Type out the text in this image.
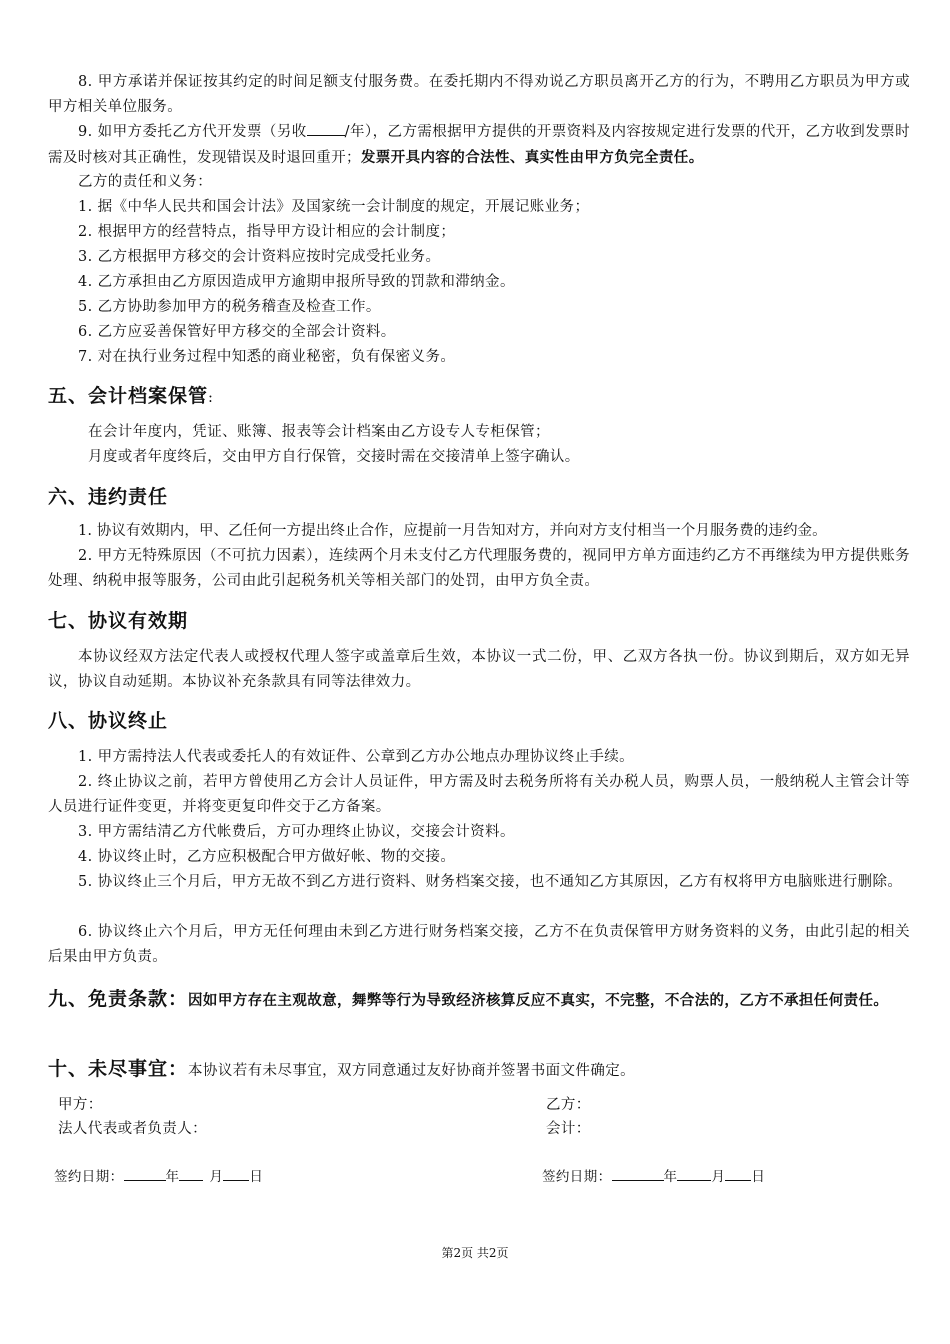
8. 甲方承诺并保证按其约定的时间足额支付服务费。在委托期内不得劝说乙方职员离开乙方的行为，不聘用乙方职员为甲方或甲方相关单位服务。
9. 如甲方委托乙方代开发票（另收	/年），乙方需根据甲方提供的开票资料及内容按规定进行发票的代开，乙方收到发票时需及时核对其正确性，发现错误及时退回重开；发票开具内容的合法性、真实性由甲方负完全责任。
乙方的责任和义务：
1. 据《中华人民共和国会计法》及国家统一会计制度的规定，开展记账业务；
2. 根据甲方的经营特点，指导甲方设计相应的会计制度；
3. 乙方根据甲方移交的会计资料应按时完成受托业务。
4. 乙方承担由乙方原因造成甲方逾期申报所导致的罚款和滞纳金。
5. 乙方协助参加甲方的税务稽查及检查工作。
6. 乙方应妥善保管好甲方移交的全部会计资料。
7. 对在执行业务过程中知悉的商业秘密，负有保密义务。
五、会计档案保管:
在会计年度内，凭证、账簿、报表等会计档案由乙方设专人专柜保管；
月度或者年度终后，交由甲方自行保管，交接时需在交接清单上签字确认。
六、违约责任
1. 协议有效期内，甲、乙任何一方提出终止合作，应提前一月告知对方，并向对方支付相当一个月服务费的违约金。
2. 甲方无特殊原因（不可抗力因素），连续两个月未支付乙方代理服务费的，视同甲方单方面违约乙方不再继续为甲方提供账务处理、纳税申报等服务，公司由此引起税务机关等相关部门的处罚，由甲方负全责。
七、协议有效期
本协议经双方法定代表人或授权代理人签字或盖章后生效，本协议一式二份，甲、乙双方各执一份。协议到期后，双方如无异议，协议自动延期。本协议补充条款具有同等法律效力。
八、协议终止
1. 甲方需持法人代表或委托人的有效证件、公章到乙方办公地点办理协议终止手续。
2. 终止协议之前，若甲方曾使用乙方会计人员证件，甲方需及时去税务所将有关办税人员，购票人员，一般纳税人主管会计等人员进行证件变更，并将变更复印件交于乙方备案。
3. 甲方需结清乙方代帐费后，方可办理终止协议，交接会计资料。
4. 协议终止时，乙方应积极配合甲方做好帐、物的交接。
5. 协议终止三个月后，甲方无故不到乙方进行资料、财务档案交接，也不通知乙方其原因，乙方有权将甲方电脑账进行删除。
6. 协议终止六个月后，甲方无任何理由未到乙方进行财务档案交接，乙方不在负责保管甲方财务资料的义务，由此引起的相关后果由甲方负责。
九、免责条款：因如甲方存在主观故意，舞弊等行为导致经济核算反应不真实，不完整，不合法的，乙方不承担任何责任。
十、未尽事宜：本协议若有未尽事宜，双方同意通过友好协商并签署书面文件确定。
甲方：
法人代表或者负责人：
乙方：
会计：
签约日期：	年 月 日	签约日期：	年	月 日
第2页 共2页
